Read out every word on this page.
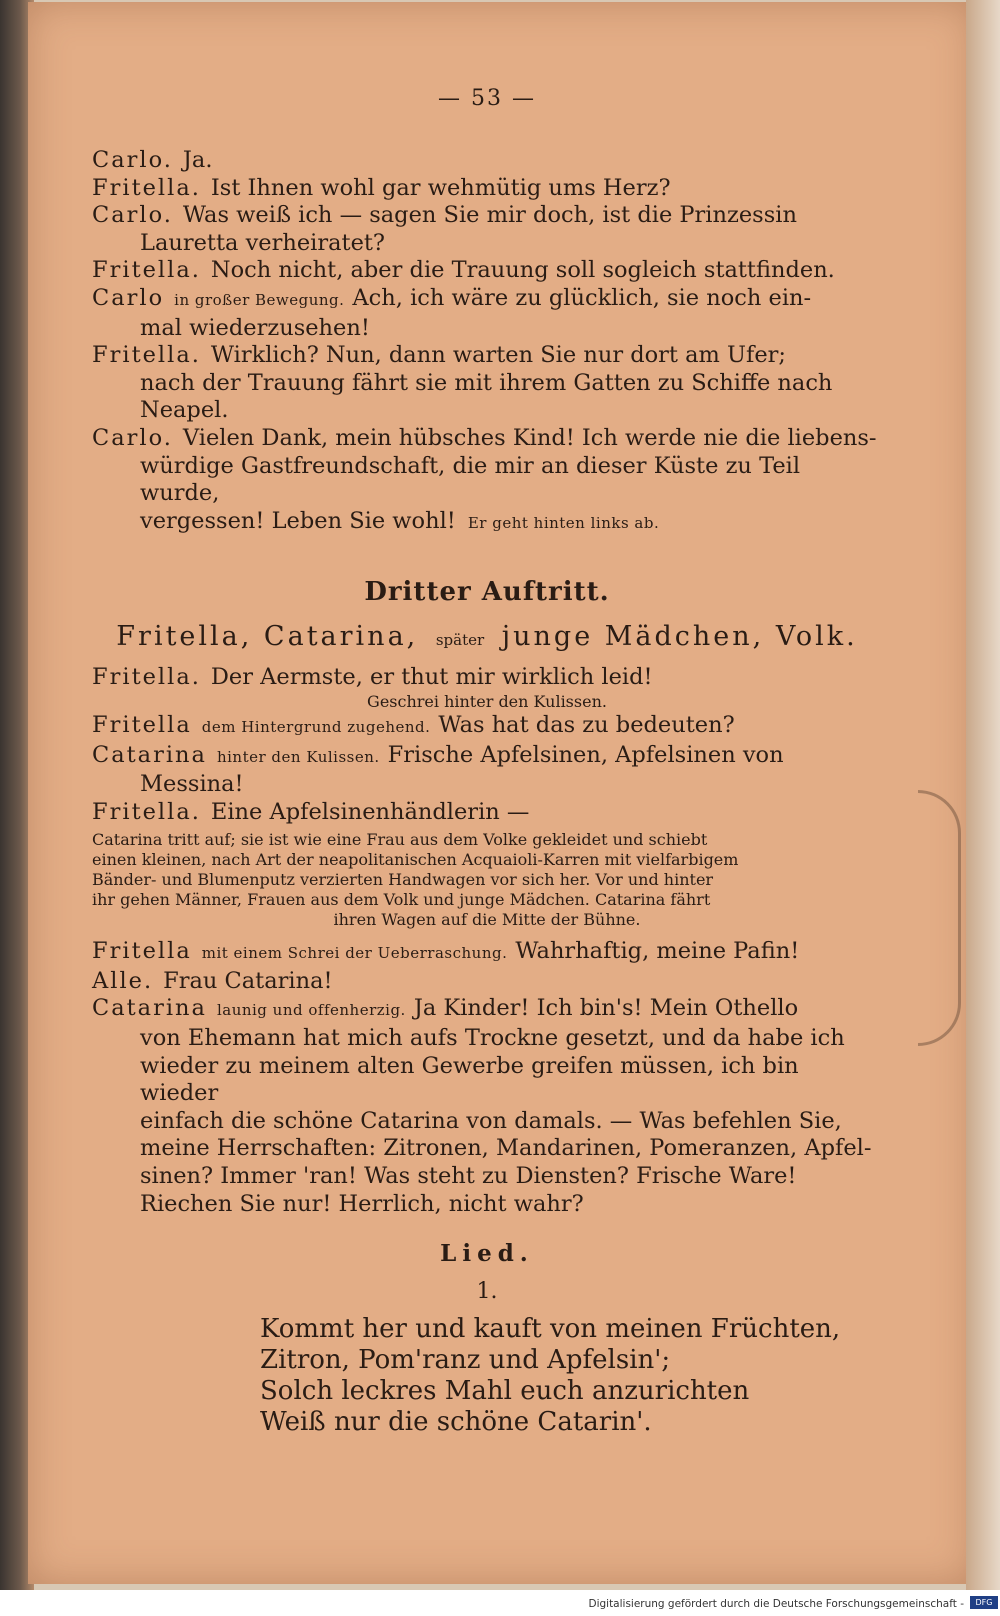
— 53 —

Carlo. Ja.

Fritella. Ist Ihnen wohl gar wehmütig ums Herz?

Carlo. Was weiß ich — sagen Sie mir doch, ist die Prinzessin

Lauretta verheiratet?

Fritella. Noch nicht, aber die Trauung soll sogleich stattfinden.

Carlo in großer Bewegung. Ach, ich wäre zu glücklich, sie noch ein-

mal wiederzusehen!

Fritella. Wirklich? Nun, dann warten Sie nur dort am Ufer;

nach der Trauung fährt sie mit ihrem Gatten zu Schiffe nach

Neapel.

Carlo. Vielen Dank, mein hübsches Kind! Ich werde nie die liebens-

würdige Gastfreundschaft, die mir an dieser Küste zu Teil wurde,

vergessen! Leben Sie wohl! Er geht hinten links ab.

Dritter Auftritt.
Fritella, Catarina, später junge Mädchen, Volk.

Fritella. Der Aermste, er thut mir wirklich leid!

Geschrei hinter den Kulissen.

Fritella dem Hintergrund zugehend. Was hat das zu bedeuten?

Catarina hinter den Kulissen. Frische Apfelsinen, Apfelsinen von

Messina!

Fritella. Eine Apfelsinenhändlerin —

Catarina tritt auf; sie ist wie eine Frau aus dem Volke gekleidet und schiebt

einen kleinen, nach Art der neapolitanischen Acquaioli-Karren mit vielfarbigem

Bänder- und Blumenputz verzierten Handwagen vor sich her. Vor und hinter

ihr gehen Männer, Frauen aus dem Volk und junge Mädchen. Catarina fährt

ihren Wagen auf die Mitte der Bühne.

Fritella mit einem Schrei der Ueberraschung. Wahrhaftig, meine Pafin!

Alle. Frau Catarina!

Catarina launig und offenherzig. Ja Kinder! Ich bin's! Mein Othello

von Ehemann hat mich aufs Trockne gesetzt, und da habe ich

wieder zu meinem alten Gewerbe greifen müssen, ich bin wieder

einfach die schöne Catarina von damals. — Was befehlen Sie,

meine Herrschaften: Zitronen, Mandarinen, Pomeranzen, Apfel-

sinen? Immer 'ran! Was steht zu Diensten? Frische Ware!

Riechen Sie nur! Herrlich, nicht wahr?

Lied.
1.

Kommt her und kauft von meinen Früchten,

Zitron, Pom'ranz und Apfelsin';

Solch leckres Mahl euch anzurichten

Weiß nur die schöne Catarin'.

Digitalisierung gefördert durch die Deutsche Forschungsgemeinschaft -	DFG
